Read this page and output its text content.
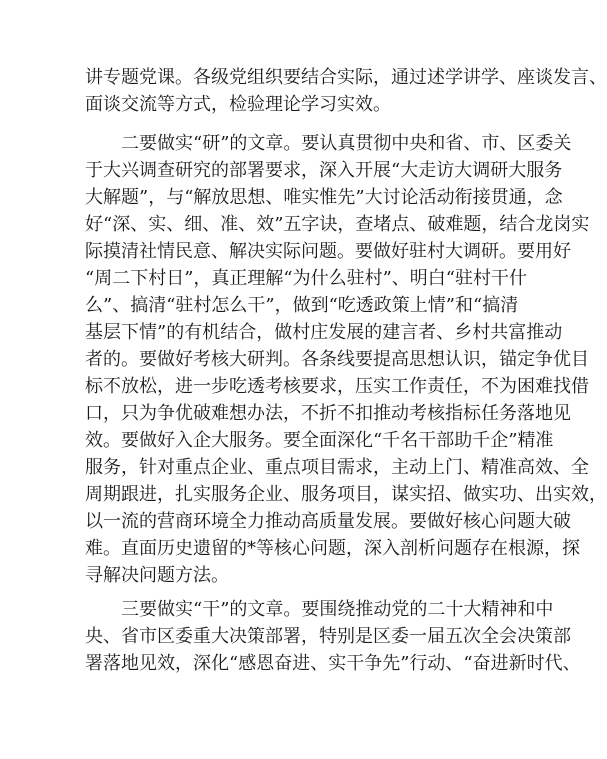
讲专题党课。各级党组织要结合实际，通过述学讲学、座谈发言、
面谈交流等方式，检验理论学习实效。
　　二要做实“研”的文章。要认真贯彻中央和省、市、区委关
于大兴调查研究的部署要求，深入开展“大走访大调研大服务
大解题”，与“解放思想、唯实惟先”大讨论活动衔接贯通，念
好“深、实、细、准、效”五字诀，查堵点、破难题，结合龙岗实
际摸清社情民意、解决实际问题。要做好驻村大调研。要用好
“周二下村日”，真正理解“为什么驻村”、明白“驻村干什
么”、搞清“驻村怎么干”，做到“吃透政策上情”和“搞清
基层下情”的有机结合，做村庄发展的建言者、乡村共富推动
者的。要做好考核大研判。各条线要提高思想认识，锚定争优目
标不放松，进一步吃透考核要求，压实工作责任，不为困难找借
口，只为争优破难想办法，不折不扣推动考核指标任务落地见
效。要做好入企大服务。要全面深化“千名干部助千企”精准
服务，针对重点企业、重点项目需求，主动上门、精准高效、全
周期跟进，扎实服务企业、服务项目，谋实招、做实功、出实效，
以一流的营商环境全力推动高质量发展。要做好核心问题大破
难。直面历史遗留的*等核心问题，深入剖析问题存在根源，探
寻解决问题方法。
　　三要做实“干”的文章。要围绕推动党的二十大精神和中
央、省市区委重大决策部署，特别是区委一届五次全会决策部
署落地见效，深化“感恩奋进、实干争先”行动、“奋进新时代、
